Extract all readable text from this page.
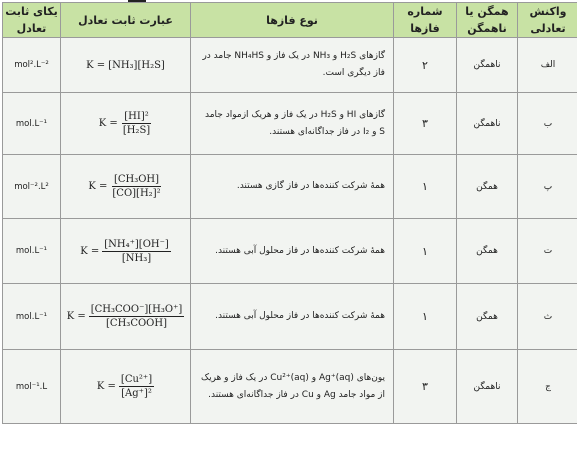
یکای ثابت تعادل	عبارت ثابت تعادل	نوع فازها	شماره فازها	همگن یا ناهمگن	واکنش تعادلی
mol².L⁻²	K = [NH₃][H₂S]	گازهای H₂S و NH₃ در یک فاز و NH₄HS جامد در فاز دیگری است.	۲	ناهمگن	الف
mol.L⁻¹	$K = \frac{\text{[HI]²}}{\text{[H₂S]}}$	گازهای HI و H₂S در یک فاز و هریک ازمواد جامد S و I₂ در فاز جداگانه‌ای هستند.	۳	ناهمگن	ب
mol⁻².L²	$K = \frac{\text{[CH₃OH]}}{\text{[CO][H₂]²}}$	همهٔ شرکت کننده‌ها در فاز گازی هستند.	۱	همگن	پ
mol.L⁻¹	$K = \frac{\text{[NH₄⁺][OH⁻]}}{\text{[NH₃]}}$	همهٔ شرکت کننده‌ها در فاز محلول آبی هستند.	۱	همگن	ت
mol.L⁻¹	$K = \frac{\text{[CH₃COO⁻][H₃O⁺]}}{\text{[CH₃COOH]}}$	همهٔ شرکت کننده‌ها در فاز محلول آبی هستند.	۱	همگن	ث
mol⁻¹.L	$K = \frac{\text{[Cu²⁺]}}{\text{[Ag⁺]²}}$	یون‌های Ag⁺(aq) و Cu²⁺(aq) در یک فاز و هریک از مواد جامد Ag و Cu در فاز جداگانه‌ای هستند.	۳	ناهمگن	ج
